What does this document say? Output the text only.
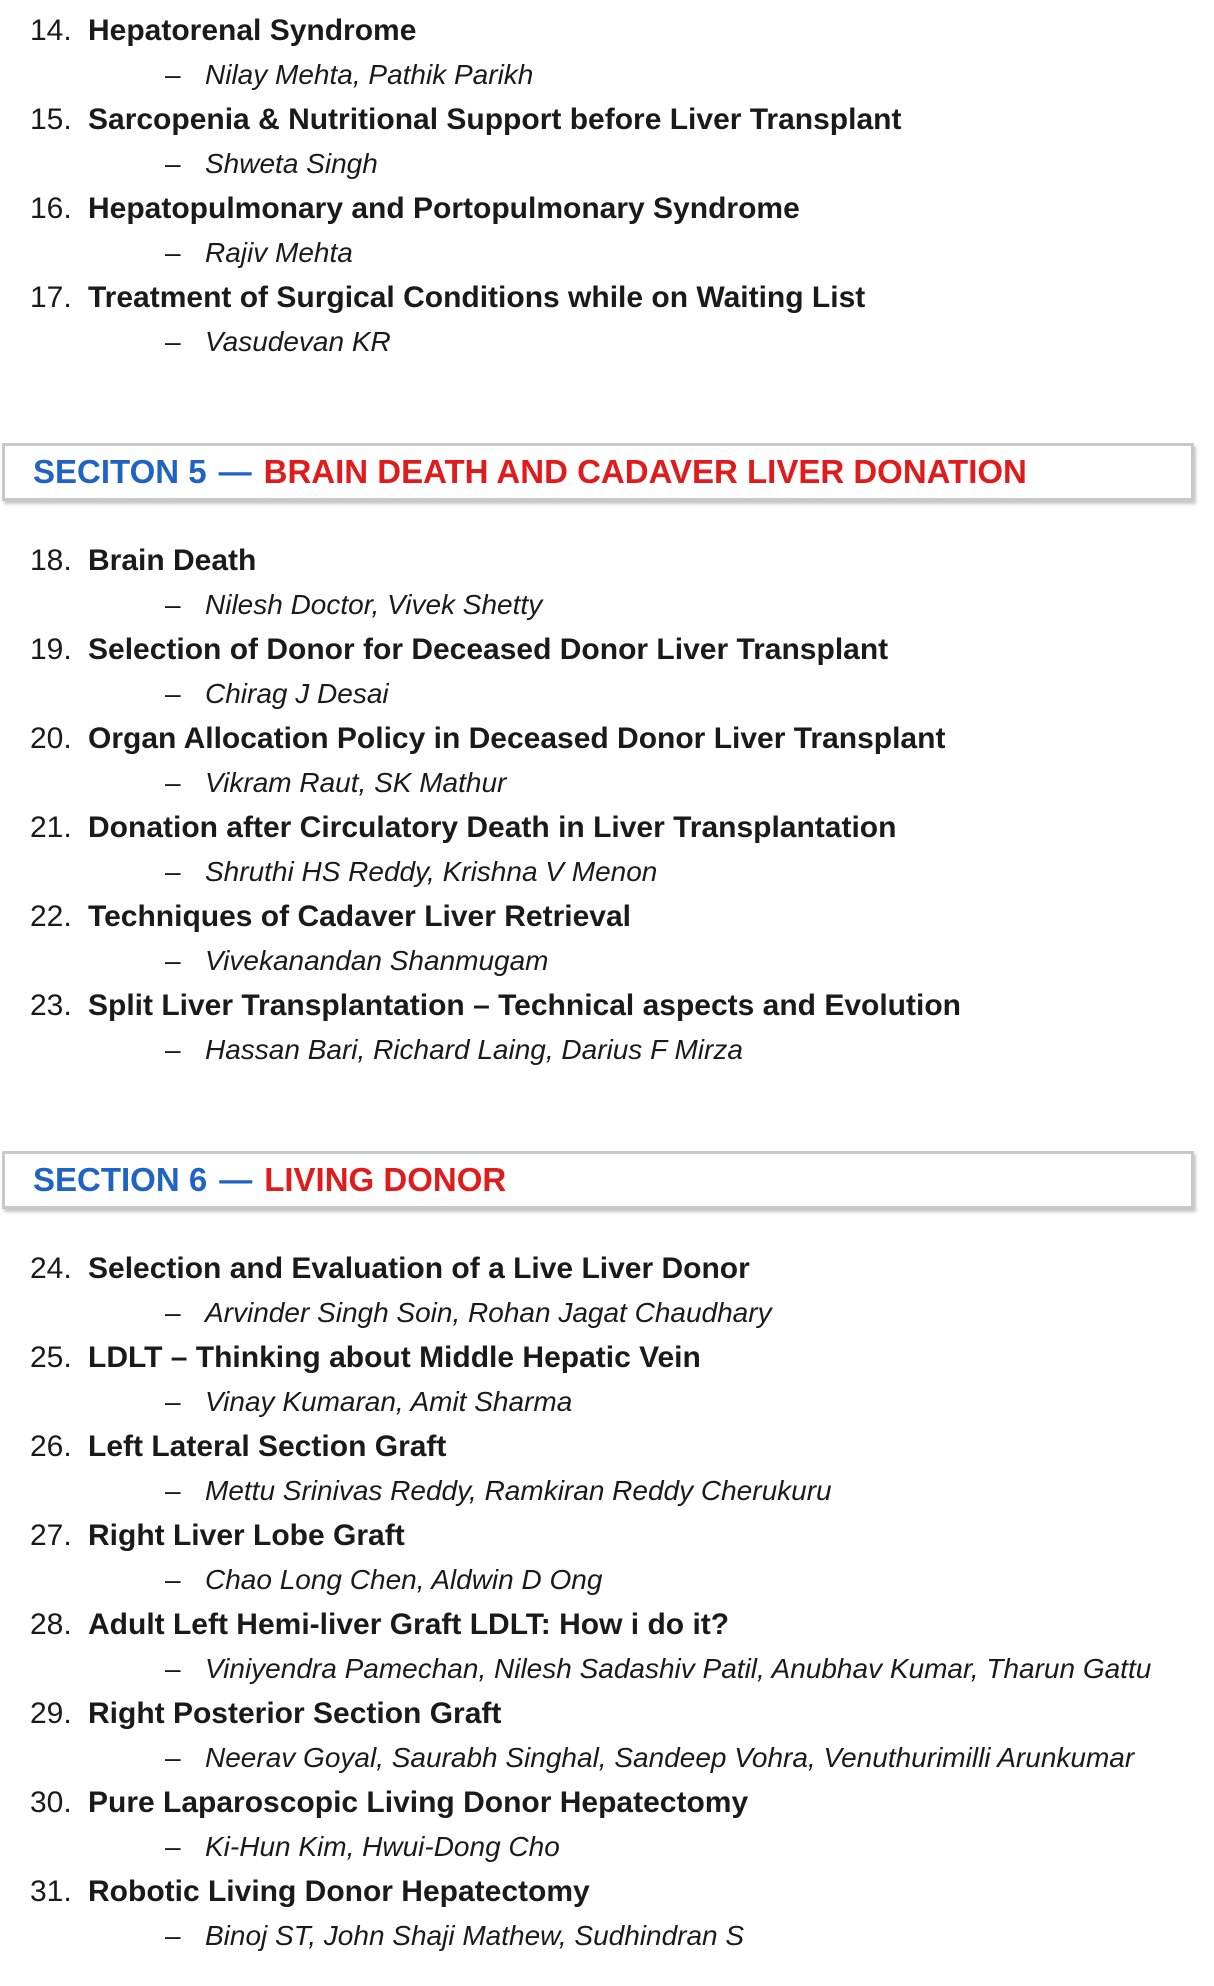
14. Hepatorenal Syndrome
– Nilay Mehta, Pathik Parikh
15. Sarcopenia & Nutritional Support before Liver Transplant
– Shweta Singh
16. Hepatopulmonary and Portopulmonary Syndrome
– Rajiv Mehta
17. Treatment of Surgical Conditions while on Waiting List
– Vasudevan KR
SECITON 5 — BRAIN DEATH AND CADAVER LIVER DONATION
18. Brain Death
– Nilesh Doctor, Vivek Shetty
19. Selection of Donor for Deceased Donor Liver Transplant
– Chirag J Desai
20. Organ Allocation Policy in Deceased Donor Liver Transplant
– Vikram Raut, SK Mathur
21. Donation after Circulatory Death in Liver Transplantation
– Shruthi HS Reddy, Krishna V Menon
22. Techniques of Cadaver Liver Retrieval
– Vivekanandan Shanmugam
23. Split Liver Transplantation – Technical aspects and Evolution
– Hassan Bari, Richard Laing, Darius F Mirza
SECTION 6 — LIVING DONOR
24. Selection and Evaluation of a Live Liver Donor
– Arvinder Singh Soin, Rohan Jagat Chaudhary
25. LDLT – Thinking about Middle Hepatic Vein
– Vinay Kumaran, Amit Sharma
26. Left Lateral Section Graft
– Mettu Srinivas Reddy, Ramkiran Reddy Cherukuru
27. Right Liver Lobe Graft
– Chao Long Chen, Aldwin D Ong
28. Adult Left Hemi-liver Graft LDLT: How i do it?
– Viniyendra Pamechan, Nilesh Sadashiv Patil, Anubhav Kumar, Tharun Gattu
29. Right Posterior Section Graft
– Neerav Goyal, Saurabh Singhal, Sandeep Vohra, Venuthurimilli Arunkumar
30. Pure Laparoscopic Living Donor Hepatectomy
– Ki-Hun Kim, Hwui-Dong Cho
31. Robotic Living Donor Hepatectomy
– Binoj ST, John Shaji Mathew, Sudhindran S
